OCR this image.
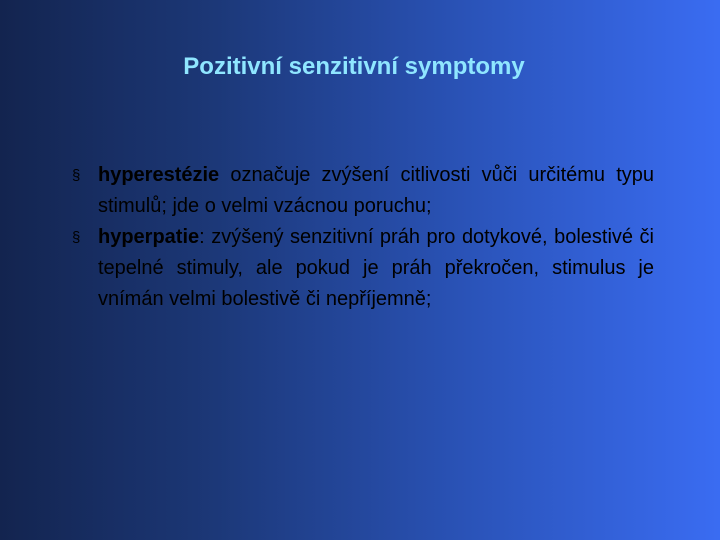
Pozitivní senzitivní symptomy
§ hyperestézie označuje zvýšení citlivosti vůči určitému typu stimulů; jde o velmi vzácnou poruchu;
§ hyperpatie: zvýšený senzitivní práh pro dotykové, bolestivé či tepelné stimuly, ale pokud je práh překročen, stimulus je vnímán velmi bolestivě či nepříjemně;
